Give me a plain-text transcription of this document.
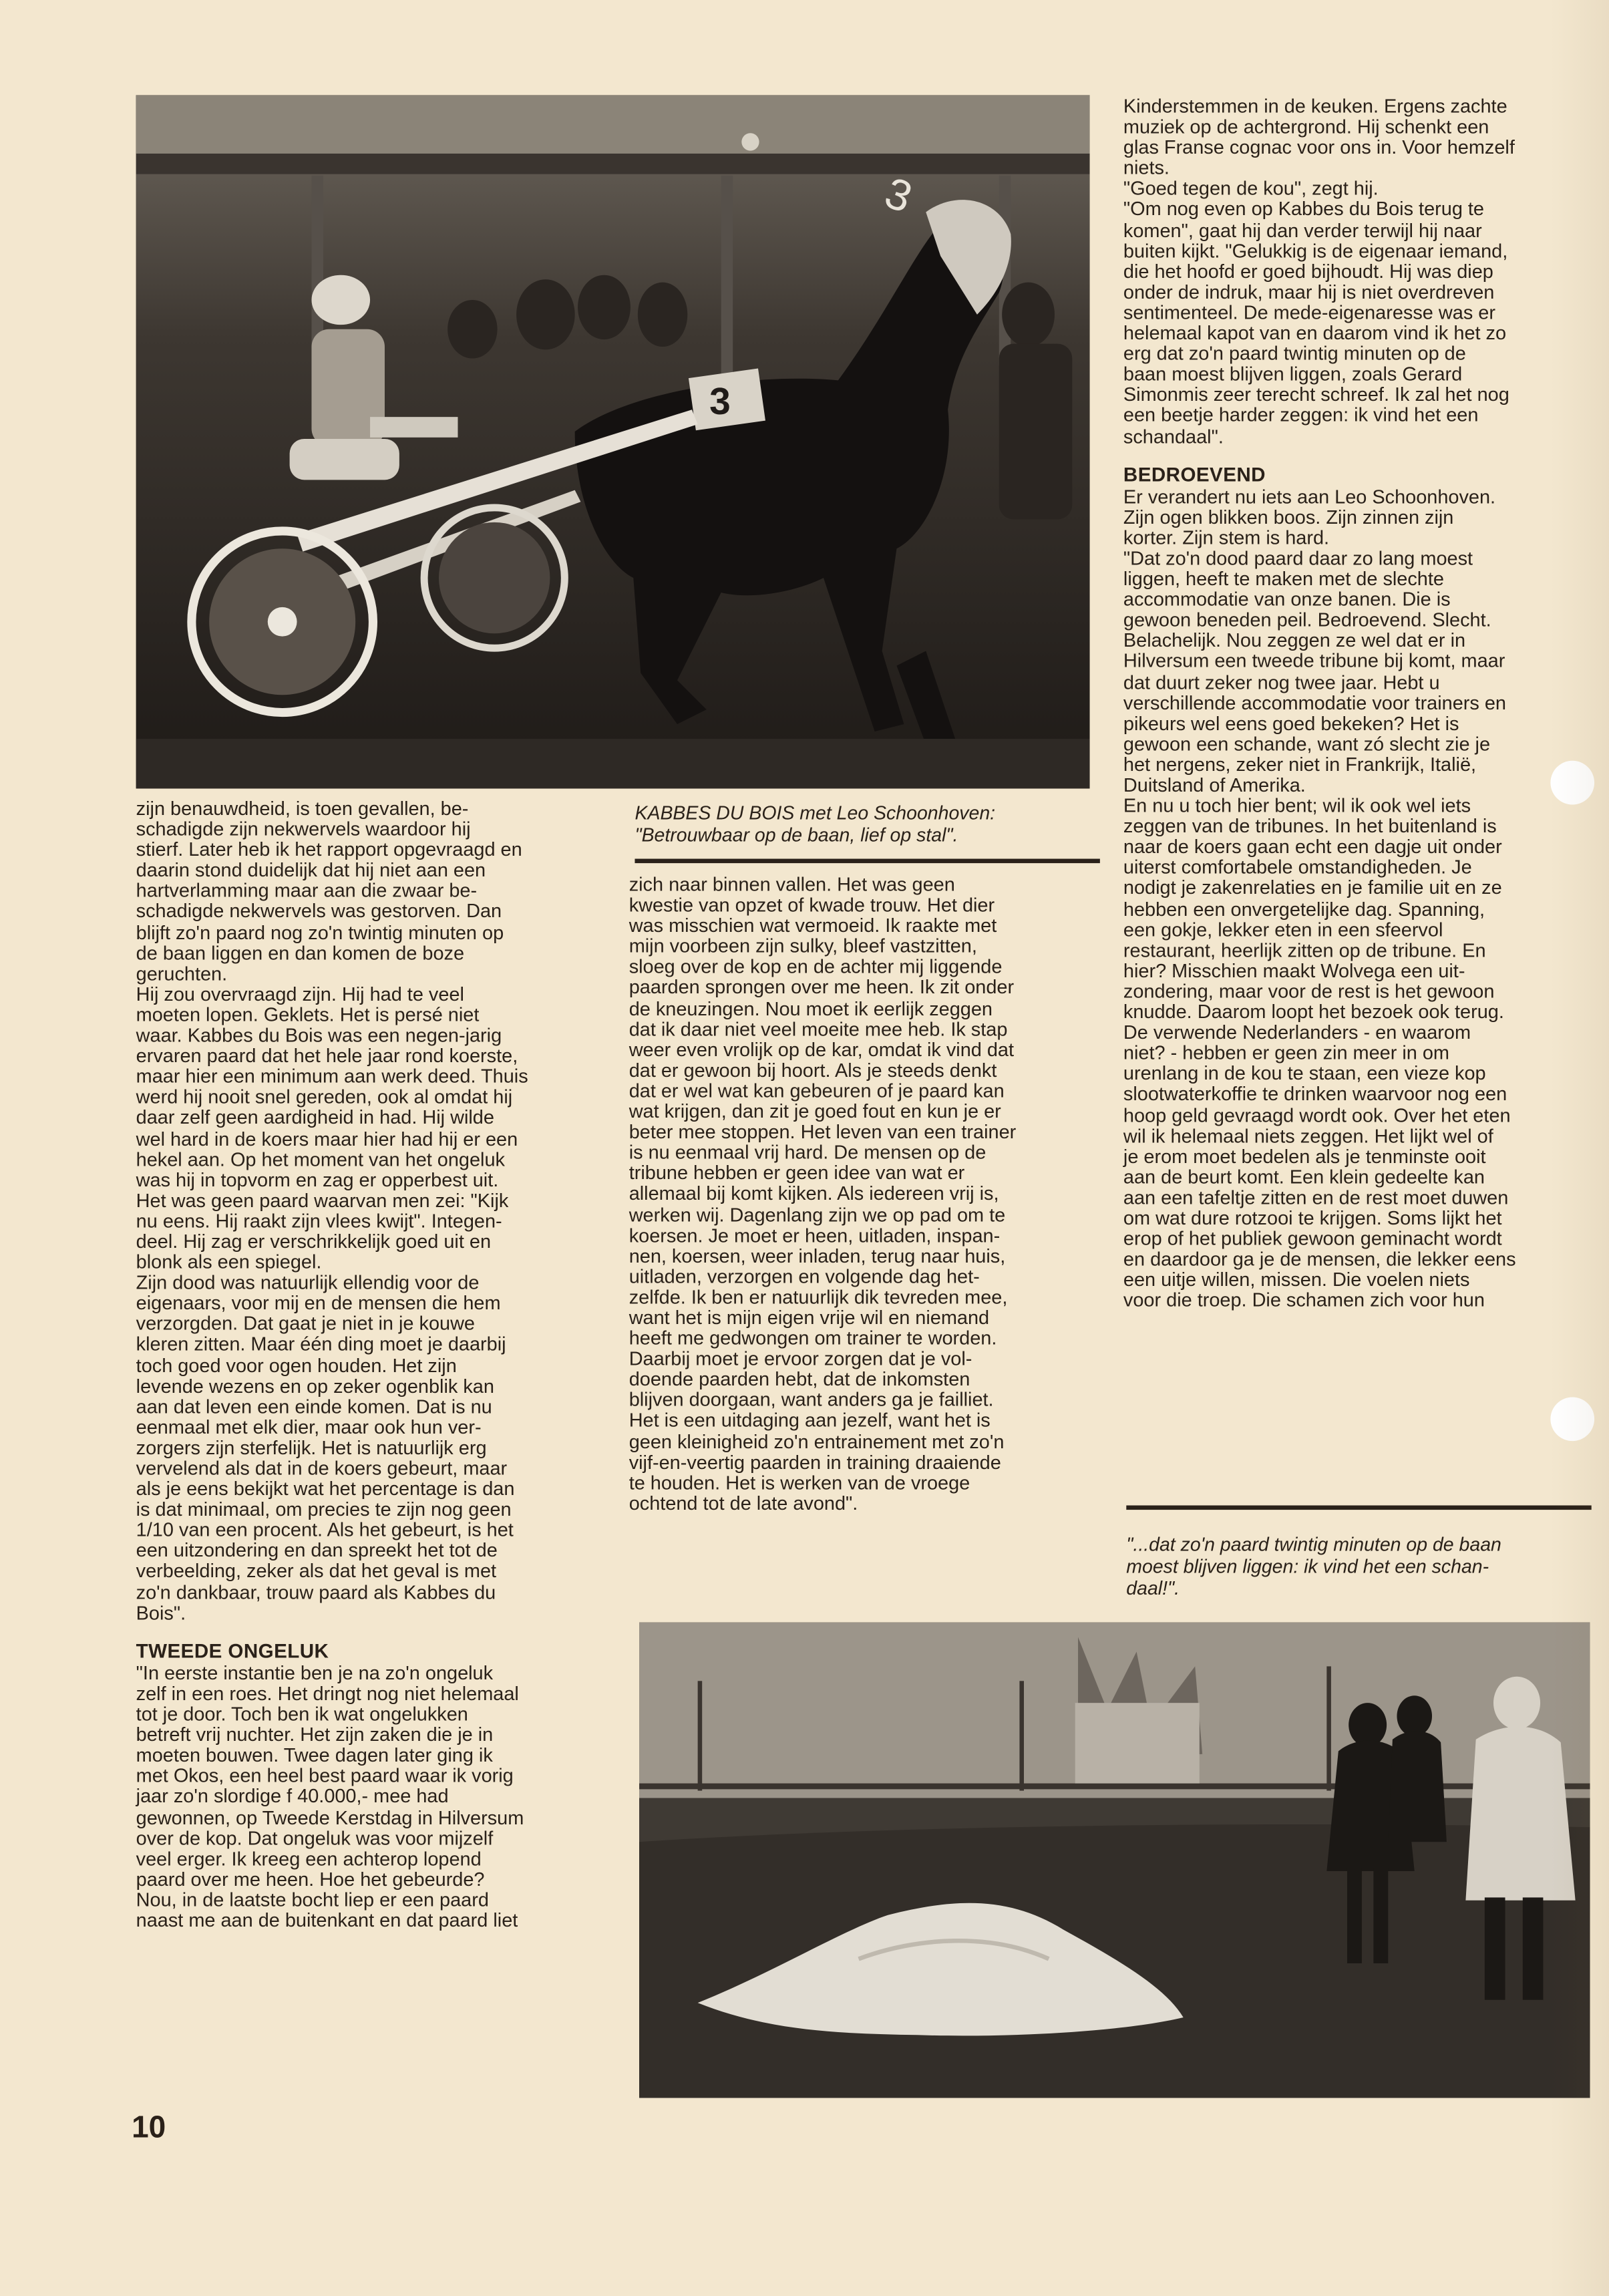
3
3
KABBES DU BOIS met Leo Schoonhoven:
"Betrouwbaar op de baan, lief op stal".

zijn benauwdheid, is toen gevallen, be-

schadigde zijn nekwervels waardoor hij

stierf. Later heb ik het rapport opgevraagd en

daarin stond duidelijk dat hij niet aan een

hartverlamming maar aan die zwaar be-

schadigde nekwervels was gestorven. Dan

blijft zo'n paard nog zo'n twintig minuten op

de baan liggen en dan komen de boze

geruchten.

Hij zou overvraagd zijn. Hij had te veel

moeten lopen. Geklets. Het is persé niet

waar. Kabbes du Bois was een negen-jarig

ervaren paard dat het hele jaar rond koerste,

maar hier een minimum aan werk deed. Thuis

werd hij nooit snel gereden, ook al omdat hij

daar zelf geen aardigheid in had. Hij wilde

wel hard in de koers maar hier had hij er een

hekel aan. Op het moment van het ongeluk

was hij in topvorm en zag er opperbest uit.

Het was geen paard waarvan men zei: "Kijk

nu eens. Hij raakt zijn vlees kwijt". Integen-

deel. Hij zag er verschrikkelijk goed uit en

blonk als een spiegel.

Zijn dood was natuurlijk ellendig voor de

eigenaars, voor mij en de mensen die hem

verzorgden. Dat gaat je niet in je kouwe

kleren zitten. Maar één ding moet je daarbij

toch goed voor ogen houden. Het zijn

levende wezens en op zeker ogenblik kan

aan dat leven een einde komen. Dat is nu

eenmaal met elk dier, maar ook hun ver-

zorgers zijn sterfelijk. Het is natuurlijk erg

vervelend als dat in de koers gebeurt, maar

als je eens bekijkt wat het percentage is dan

is dat minimaal, om precies te zijn nog geen

1/10 van een procent. Als het gebeurt, is het

een uitzondering en dan spreekt het tot de

verbeelding, zeker als dat het geval is met

zo'n dankbaar, trouw paard als Kabbes du

Bois".

TWEEDE ONGELUK

"In eerste instantie ben je na zo'n ongeluk

zelf in een roes. Het dringt nog niet helemaal

tot je door. Toch ben ik wat ongelukken

betreft vrij nuchter. Het zijn zaken die je in

moeten bouwen. Twee dagen later ging ik

met Okos, een heel best paard waar ik vorig

jaar zo'n slordige f 40.000,- mee had

gewonnen, op Tweede Kerstdag in Hilversum

over de kop. Dat ongeluk was voor mijzelf

veel erger. Ik kreeg een achterop lopend

paard over me heen. Hoe het gebeurde?

Nou, in de laatste bocht liep er een paard

naast me aan de buitenkant en dat paard liet

zich naar binnen vallen. Het was geen

kwestie van opzet of kwade trouw. Het dier

was misschien wat vermoeid. Ik raakte met

mijn voorbeen zijn sulky, bleef vastzitten,

sloeg over de kop en de achter mij liggende

paarden sprongen over me heen. Ik zit onder

de kneuzingen. Nou moet ik eerlijk zeggen

dat ik daar niet veel moeite mee heb. Ik stap

weer even vrolijk op de kar, omdat ik vind dat

dat er gewoon bij hoort. Als je steeds denkt

dat er wel wat kan gebeuren of je paard kan

wat krijgen, dan zit je goed fout en kun je er

beter mee stoppen. Het leven van een trainer

is nu eenmaal vrij hard. De mensen op de

tribune hebben er geen idee van wat er

allemaal bij komt kijken. Als iedereen vrij is,

werken wij. Dagenlang zijn we op pad om te

koersen. Je moet er heen, uitladen, inspan-

nen, koersen, weer inladen, terug naar huis,

uitladen, verzorgen en volgende dag het-

zelfde. Ik ben er natuurlijk dik tevreden mee,

want het is mijn eigen vrije wil en niemand

heeft me gedwongen om trainer te worden.

Daarbij moet je ervoor zorgen dat je vol-

doende paarden hebt, dat de inkomsten

blijven doorgaan, want anders ga je failliet.

Het is een uitdaging aan jezelf, want het is

geen kleinigheid zo'n entrainement met zo'n

vijf-en-veertig paarden in training draaiende

te houden. Het is werken van de vroege

ochtend tot de late avond".

Kinderstemmen in de keuken. Ergens zachte

muziek op de achtergrond. Hij schenkt een

glas Franse cognac voor ons in. Voor hemzelf

niets.

"Goed tegen de kou", zegt hij.

"Om nog even op Kabbes du Bois terug te

komen", gaat hij dan verder terwijl hij naar

buiten kijkt. "Gelukkig is de eigenaar iemand,

die het hoofd er goed bijhoudt. Hij was diep

onder de indruk, maar hij is niet overdreven

sentimenteel. De mede-eigenaresse was er

helemaal kapot van en daarom vind ik het zo

erg dat zo'n paard twintig minuten op de

baan moest blijven liggen, zoals Gerard

Simonmis zeer terecht schreef. Ik zal het nog

een beetje harder zeggen: ik vind het een

schandaal".

BEDROEVEND

Er verandert nu iets aan Leo Schoonhoven.

Zijn ogen blikken boos. Zijn zinnen zijn

korter. Zijn stem is hard.

"Dat zo'n dood paard daar zo lang moest

liggen, heeft te maken met de slechte

accommodatie van onze banen. Die is

gewoon beneden peil. Bedroevend. Slecht.

Belachelijk. Nou zeggen ze wel dat er in

Hilversum een tweede tribune bij komt, maar

dat duurt zeker nog twee jaar. Hebt u

verschillende accommodatie voor trainers en

pikeurs wel eens goed bekeken? Het is

gewoon een schande, want zó slecht zie je

het nergens, zeker niet in Frankrijk, Italië,

Duitsland of Amerika.

En nu u toch hier bent; wil ik ook wel iets

zeggen van de tribunes. In het buitenland is

naar de koers gaan echt een dagje uit onder

uiterst comfortabele omstandigheden. Je

nodigt je zakenrelaties en je familie uit en ze

hebben een onvergetelijke dag. Spanning,

een gokje, lekker eten in een sfeervol

restaurant, heerlijk zitten op de tribune. En

hier? Misschien maakt Wolvega een uit-

zondering, maar voor de rest is het gewoon

knudde. Daarom loopt het bezoek ook terug.

De verwende Nederlanders - en waarom

niet? - hebben er geen zin meer in om

urenlang in de kou te staan, een vieze kop

slootwaterkoffie te drinken waarvoor nog een

hoop geld gevraagd wordt ook. Over het eten

wil ik helemaal niets zeggen. Het lijkt wel of

je erom moet bedelen als je tenminste ooit

aan de beurt komt. Een klein gedeelte kan

aan een tafeltje zitten en de rest moet duwen

om wat dure rotzooi te krijgen. Soms lijkt het

erop of het publiek gewoon geminacht wordt

en daardoor ga je de mensen, die lekker eens

een uitje willen, missen. Die voelen niets

voor die troep. Die schamen zich voor hun

"...dat zo'n paard twintig minuten op de baan
moest blijven liggen: ik vind het een schan-
daal!".
10
